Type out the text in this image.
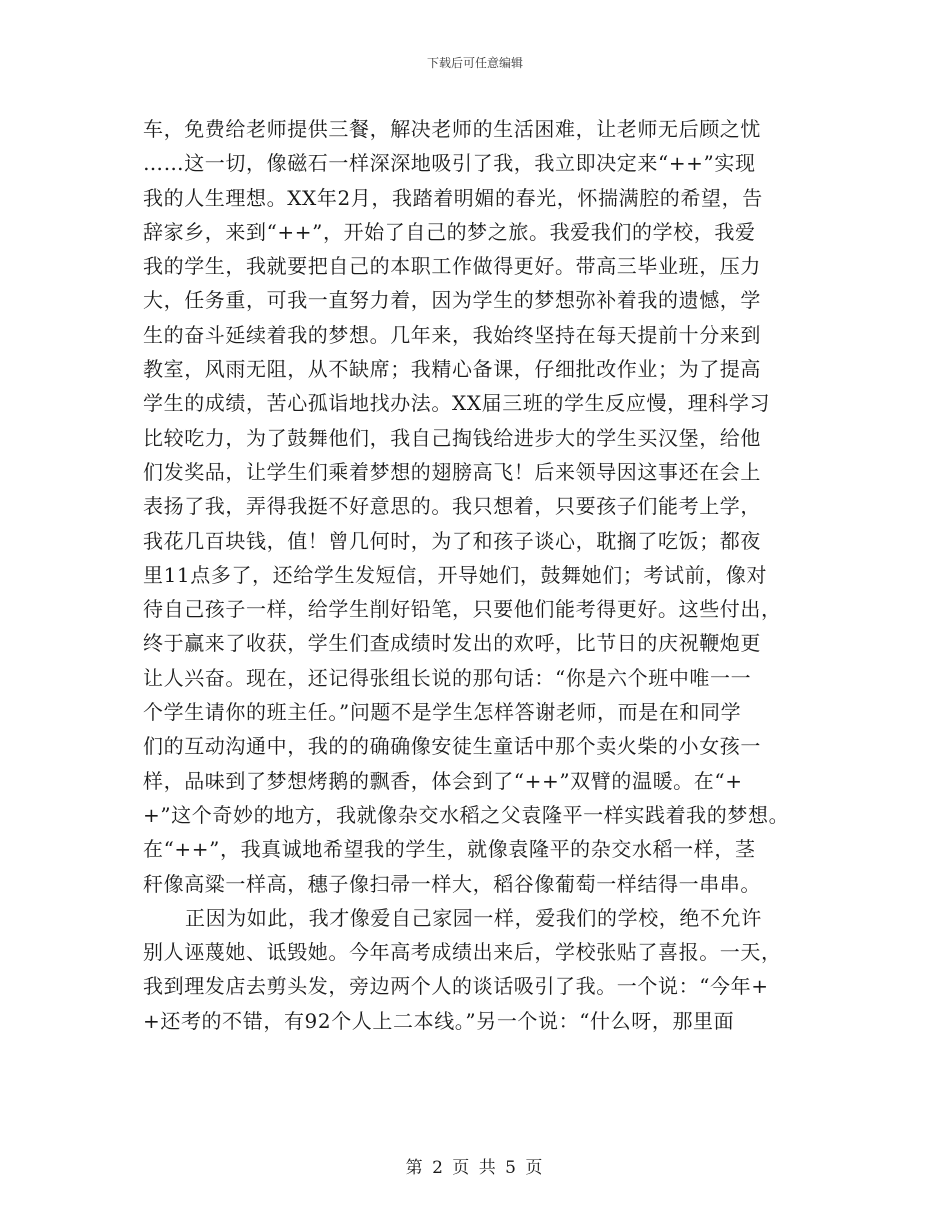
下载后可任意编辑
车，免费给老师提供三餐，解决老师的生活困难，让老师无后顾之忧
……这一切，像磁石一样深深地吸引了我，我立即决定来“++”实现
我的人生理想。XX年2月，我踏着明媚的春光，怀揣满腔的希望，告
辞家乡，来到“++”，开始了自己的梦之旅。我爱我们的学校，我爱
我的学生，我就要把自己的本职工作做得更好。带高三毕业班，压力
大，任务重，可我一直努力着，因为学生的梦想弥补着我的遗憾，学
生的奋斗延续着我的梦想。几年来，我始终坚持在每天提前十分来到
教室，风雨无阻，从不缺席；我精心备课，仔细批改作业；为了提高
学生的成绩，苦心孤诣地找办法。XX届三班的学生反应慢，理科学习
比较吃力，为了鼓舞他们，我自己掏钱给进步大的学生买汉堡，给他
们发奖品，让学生们乘着梦想的翅膀高飞！后来领导因这事还在会上
表扬了我，弄得我挺不好意思的。我只想着，只要孩子们能考上学，
我花几百块钱，值！曾几何时，为了和孩子谈心，耽搁了吃饭；都夜
里11点多了，还给学生发短信，开导她们，鼓舞她们；考试前，像对
待自己孩子一样，给学生削好铅笔，只要他们能考得更好。这些付出，
终于赢来了收获，学生们查成绩时发出的欢呼，比节日的庆祝鞭炮更
让人兴奋。现在，还记得张组长说的那句话：“你是六个班中唯一一
个学生请你的班主任。”问题不是学生怎样答谢老师，而是在和同学
们的互动沟通中，我的的确确像安徒生童话中那个卖火柴的小女孩一
样，品味到了梦想烤鹅的飘香，体会到了“++”双臂的温暖。在“+
+”这个奇妙的地方，我就像杂交水稻之父袁隆平一样实践着我的梦想。
在“++”，我真诚地希望我的学生，就像袁隆平的杂交水稻一样，茎
秆像高粱一样高，穗子像扫帚一样大，稻谷像葡萄一样结得一串串。
正因为如此，我才像爱自己家园一样，爱我们的学校，绝不允许
别人诬蔑她、诋毁她。今年高考成绩出来后，学校张贴了喜报。一天，
我到理发店去剪头发，旁边两个人的谈话吸引了我。一个说：“今年+
+还考的不错，有92个人上二本线。”另一个说：“什么呀，那里面
第 2 页 共 5 页
